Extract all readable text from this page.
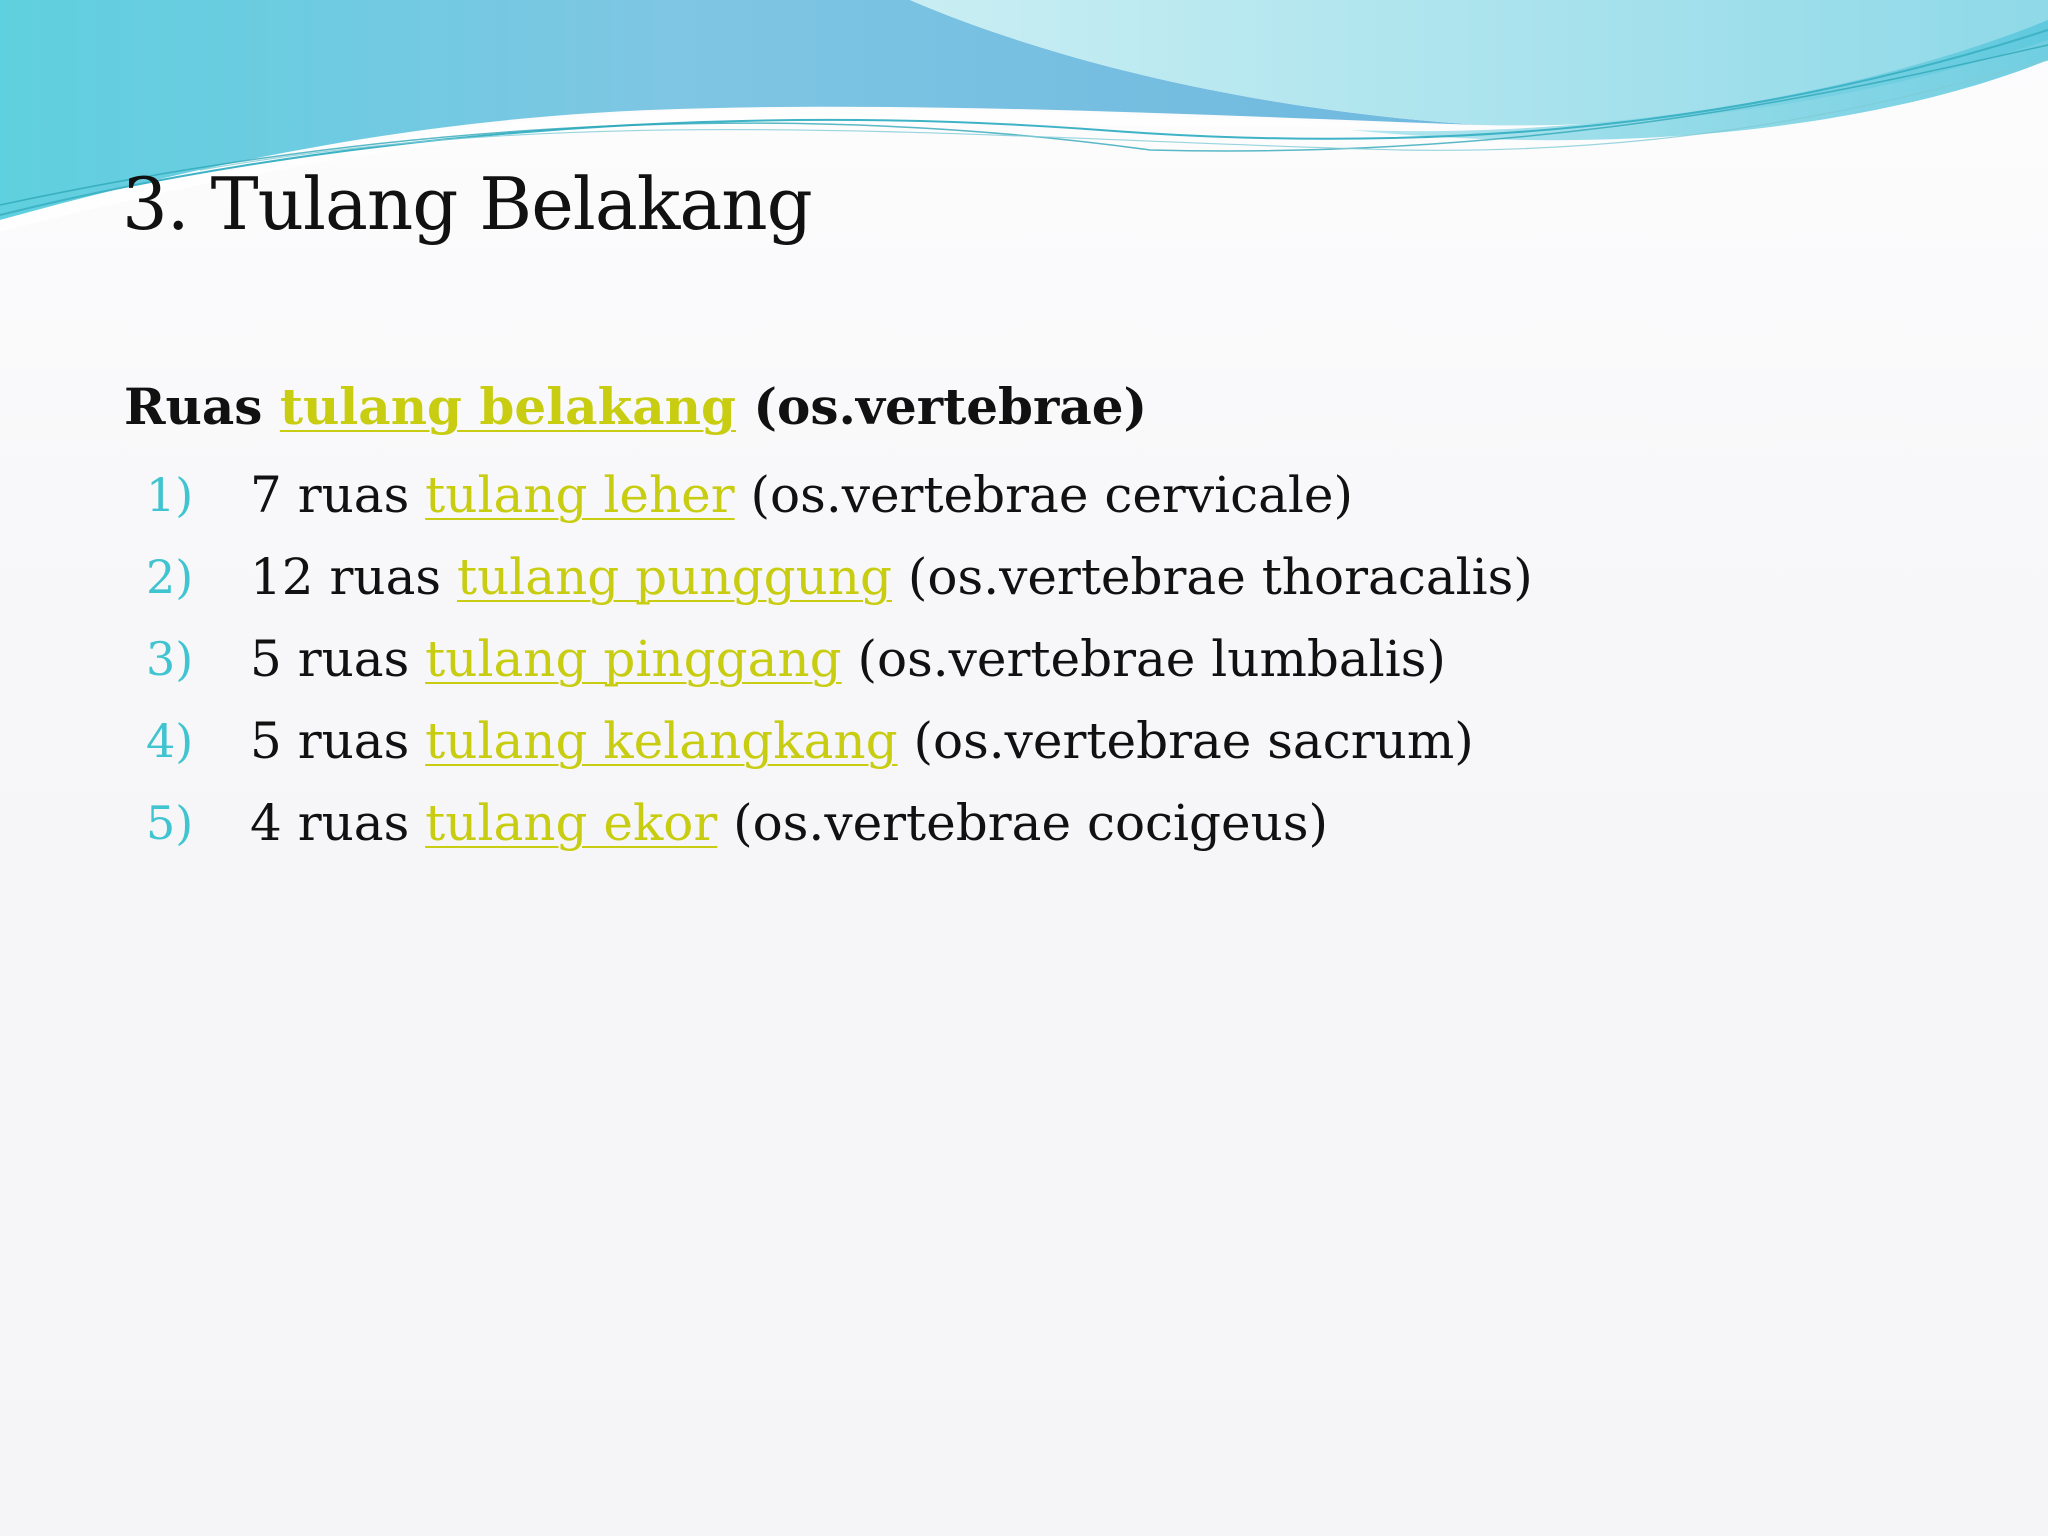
3. Tulang Belakang
Ruas tulang belakang (os.vertebrae)
1) 7 ruas tulang leher (os.vertebrae cervicale)
2) 12 ruas tulang punggung (os.vertebrae thoracalis)
3) 5 ruas tulang pinggang (os.vertebrae lumbalis)
4) 5 ruas tulang kelangkang (os.vertebrae sacrum)
5) 4 ruas tulang ekor (os.vertebrae cocigeus)
